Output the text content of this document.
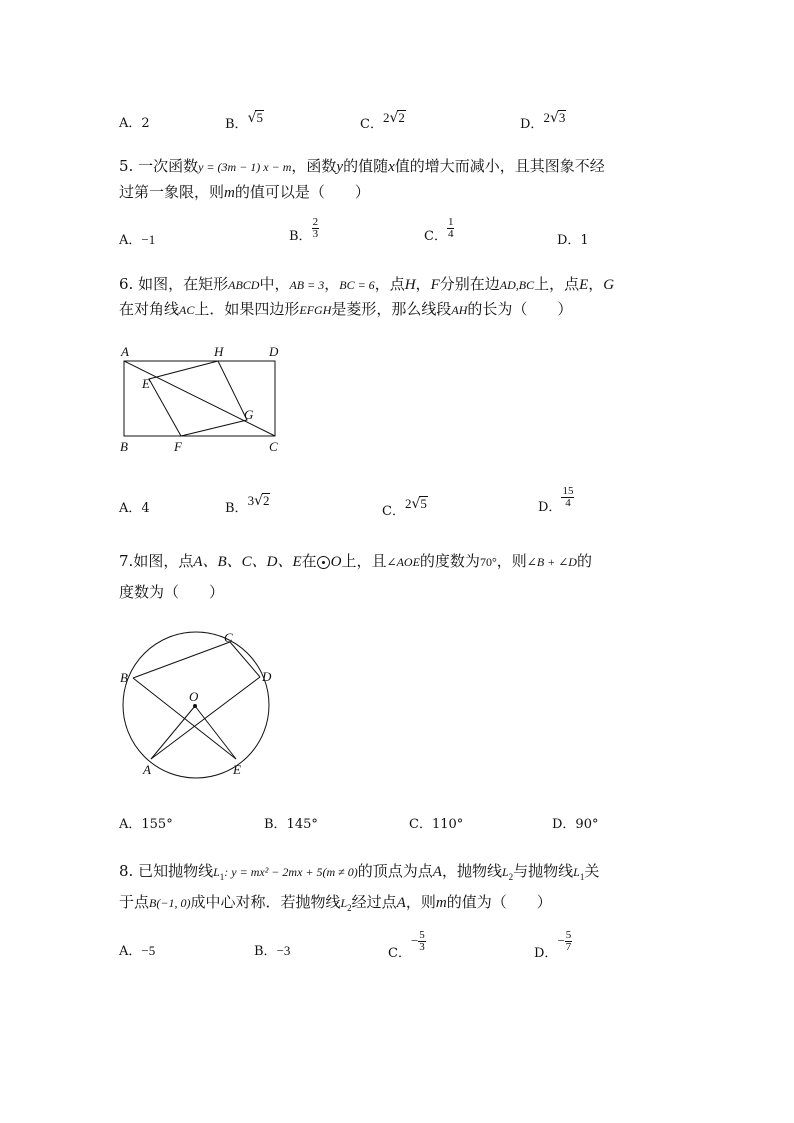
A．2	B．√5	C．2√2	D．2√3
5. 一次函数y = (3m − 1) x − m，函数y的值随x值的增大而减小，且其图象不经
过第一象限，则m的值可以是（　　）
A．−1	B． $\frac{2}{3}$	C． $\frac{1}{4}$
D．1
6. 如图，在矩形ABCD中，AB = 3，BC = 6，点H，F分别在边AD,BC上，点E，G
在对角线AC上．如果四边形EFGH是菱形，那么线段AH的长为（　　）
A	H	D
E
G
B	F	C
A．4	B．3√2
C．2√5	D． $\frac{15}{4}$
7.如图，点A、B、C、D、E在 O上，且∠AOE的度数为70°，则∠B + ∠D的
度数为（　　）
B
C
D
O
A	E
A．155°	B．145°	C．110°	D．90°
8. 已知抛物线$L_1$: y = mx² − 2mx + 5(m ≠ 0)的顶点为点A，抛物线$L_2$与抛物线$L_1$关
于点B(−1, 0)成中心对称．若抛物线$L_2$经过点A，则m的值为（　　）
A．−5	B．−3	C．− $\frac{5}{3}$
D．− $\frac{5}{7}$
